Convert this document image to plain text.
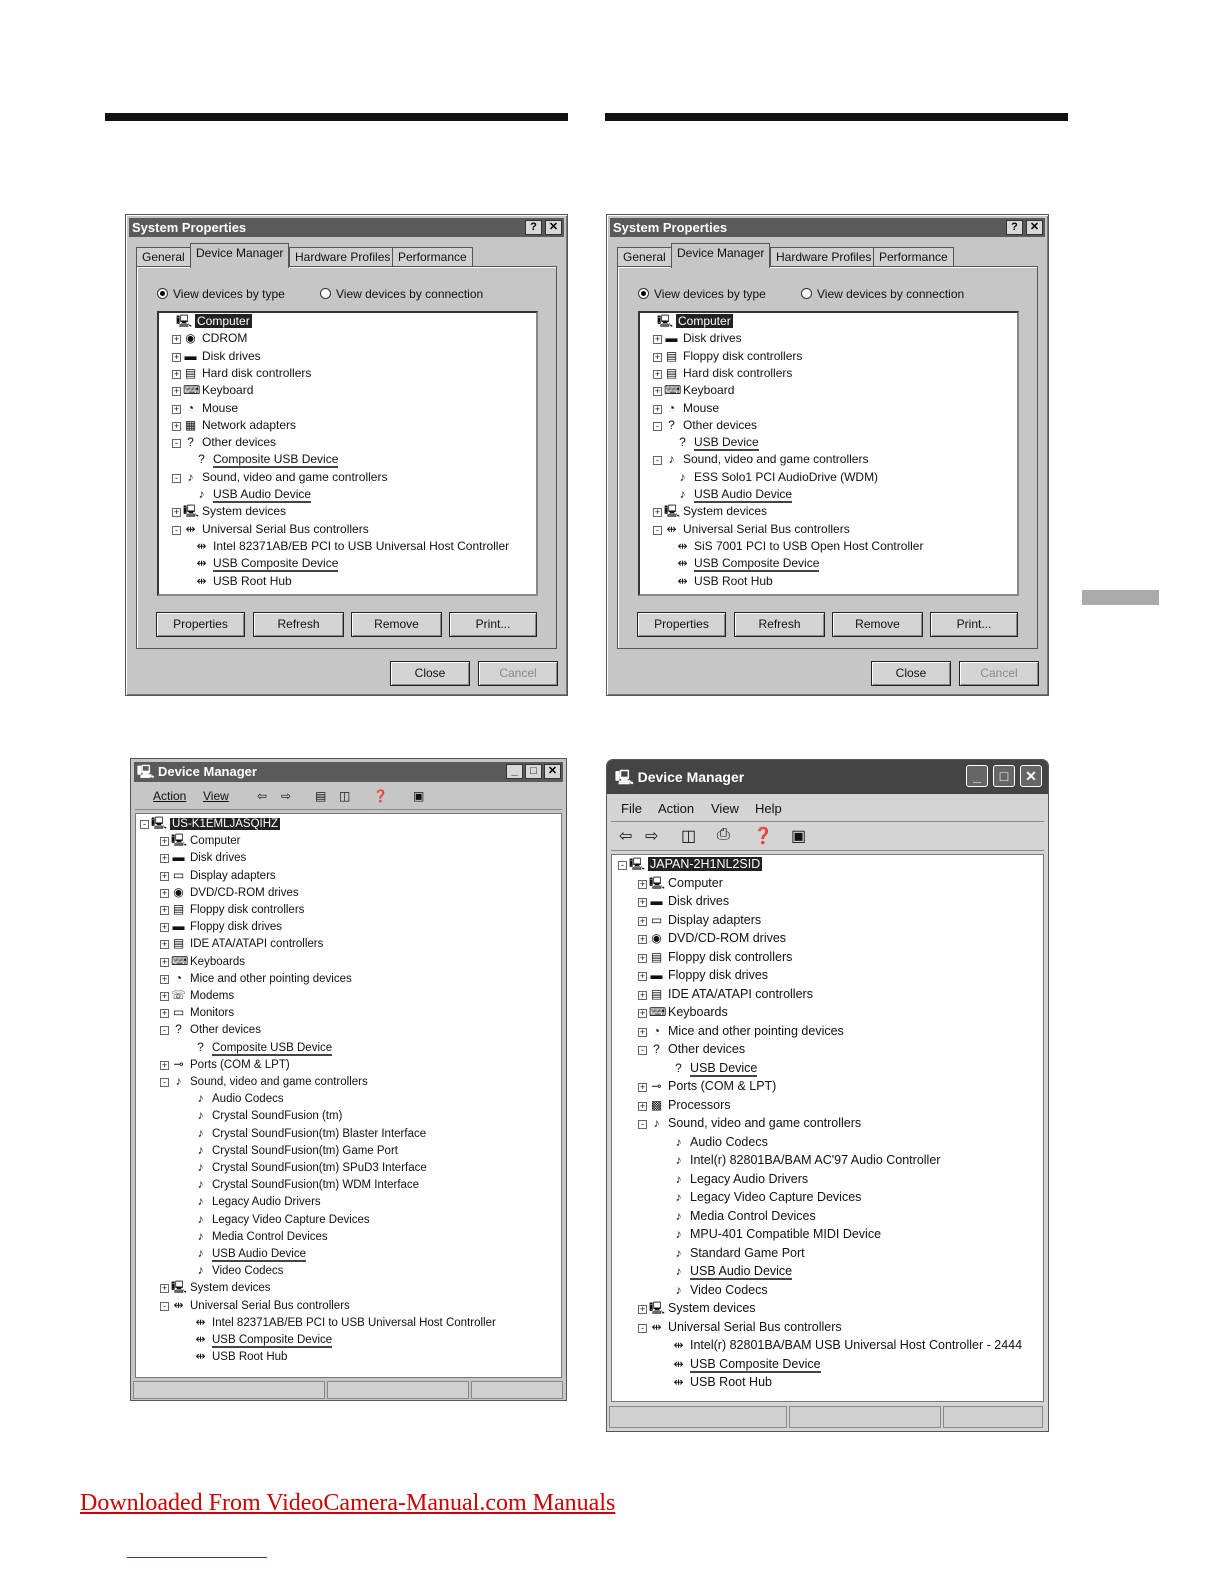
System Properties	?	✕
General Device Manager Hardware Profiles Performance
View devices by type	View devices by connection
🖳 Computer
+ ◉ CDROM
+ ▬ Disk drives
+ ▤ Hard disk controllers
+ ⌨ Keyboard
+ ◔ Mouse
+ ▦ Network adapters
- ? Other devices
? Composite USB Device
- ♪ Sound, video and game controllers
♪ USB Audio Device
+ 🖳 System devices
- ⇹ Universal Serial Bus controllers
⇹ Intel 82371AB/EB PCI to USB Universal Host Controller
⇹ USB Composite Device
⇹ USB Root Hub
Properties	Refresh	Remove	Print...
Close	Cancel
System Properties	?	✕
General Device Manager Hardware Profiles Performance
View devices by type	View devices by connection
🖳 Computer
+ ▬ Disk drives
+ ▤ Floppy disk controllers
+ ▤ Hard disk controllers
+ ⌨ Keyboard
+ ◔ Mouse
- ? Other devices
? USB Device
- ♪ Sound, video and game controllers
♪ ESS Solo1 PCI AudioDrive (WDM)
♪ USB Audio Device
+ 🖳 System devices
- ⇹ Universal Serial Bus controllers
⇹ SiS 7001 PCI to USB Open Host Controller
⇹ USB Composite Device
⇹ USB Root Hub
Properties	Refresh	Remove	Print...
Close	Cancel
🖳 Device Manager	_	□	✕
Action View ⇦ ⇨ ▤ ◫ ❓ ▣
- 🖳 US-K1EMLJASQIHZ
+ 🖳 Computer
+ ▬ Disk drives
+ ▭ Display adapters
+ ◉ DVD/CD-ROM drives
+ ▤ Floppy disk controllers
+ ▬ Floppy disk drives
+ ▤ IDE ATA/ATAPI controllers
+ ⌨ Keyboards
+ ◔ Mice and other pointing devices
+ ☏ Modems
+ ▭ Monitors
- ? Other devices
? Composite USB Device
+ ⊸ Ports (COM & LPT)
- ♪ Sound, video and game controllers
♪ Audio Codecs
♪ Crystal SoundFusion (tm)
♪ Crystal SoundFusion(tm) Blaster Interface
♪ Crystal SoundFusion(tm) Game Port
♪ Crystal SoundFusion(tm) SPuD3 Interface
♪ Crystal SoundFusion(tm) WDM Interface
♪ Legacy Audio Drivers
♪ Legacy Video Capture Devices
♪ Media Control Devices
♪ USB Audio Device
♪ Video Codecs
+ 🖳 System devices
- ⇹ Universal Serial Bus controllers
⇹ Intel 82371AB/EB PCI to USB Universal Host Controller
⇹ USB Composite Device
⇹ USB Root Hub
🖳 Device Manager	_	□	✕
File Action View Help
⇦ ⇨ ◫ ⎙ ❓ ▣
- 🖳 JAPAN-2H1NL2SID
+ 🖳 Computer
+ ▬ Disk drives
+ ▭ Display adapters
+ ◉ DVD/CD-ROM drives
+ ▤ Floppy disk controllers
+ ▬ Floppy disk drives
+ ▤ IDE ATA/ATAPI controllers
+ ⌨ Keyboards
+ ◔ Mice and other pointing devices
- ? Other devices
? USB Device
+ ⊸ Ports (COM & LPT)
+ ▩ Processors
- ♪ Sound, video and game controllers
♪ Audio Codecs
♪ Intel(r) 82801BA/BAM AC'97 Audio Controller
♪ Legacy Audio Drivers
♪ Legacy Video Capture Devices
♪ Media Control Devices
♪ MPU-401 Compatible MIDI Device
♪ Standard Game Port
♪ USB Audio Device
♪ Video Codecs
+ 🖳 System devices
- ⇹ Universal Serial Bus controllers
⇹ Intel(r) 82801BA/BAM USB Universal Host Controller - 2444
⇹ USB Composite Device
⇹ USB Root Hub
Downloaded From VideoCamera-Manual.com Manuals
